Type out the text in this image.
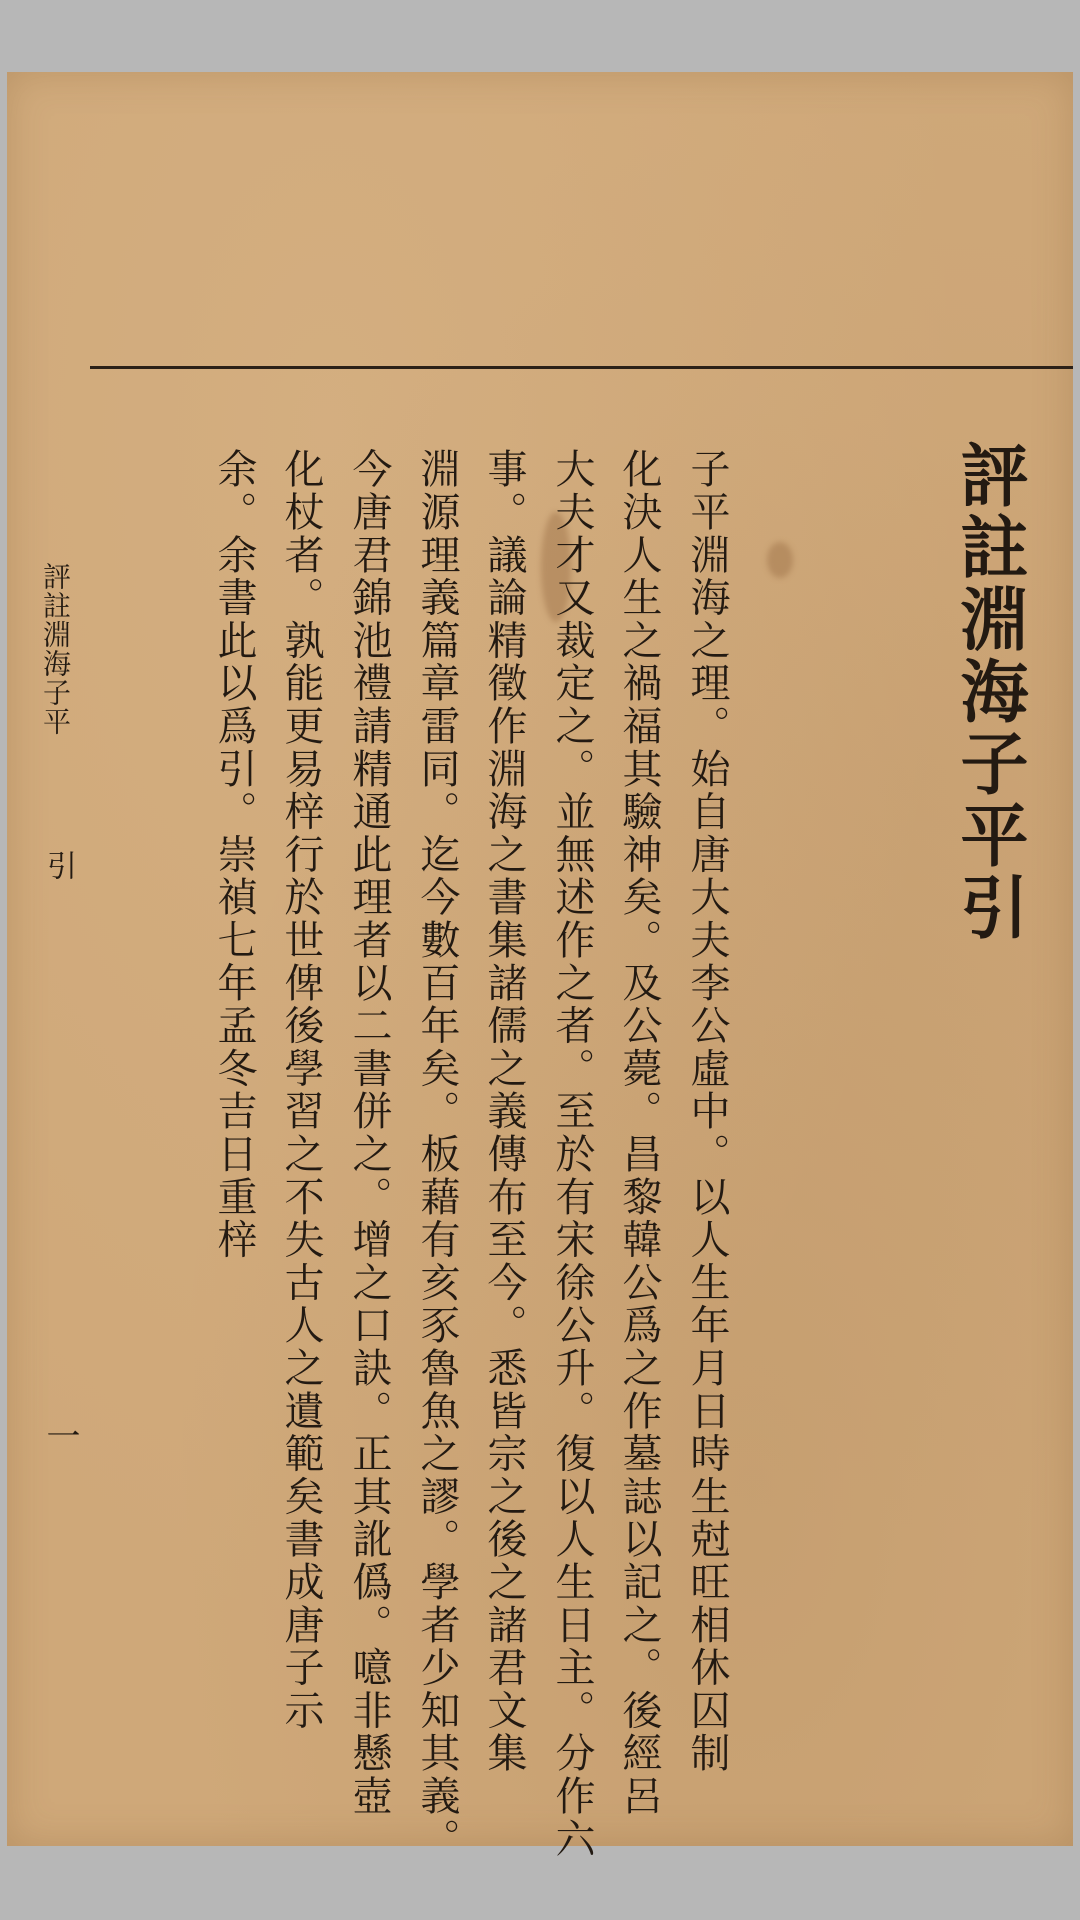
評註淵海子平引
子平淵海之理。始自唐大夫李公虛中。以人生年月日時生尅旺相休囚制
化決人生之禍福其驗神矣。及公薨。昌黎韓公爲之作墓誌以記之。後經呂
大夫才又裁定之。並無述作之者。至於有宋徐公升。復以人生日主。分作六
事。議論精徵作淵海之書集諸儒之義傳布至今。悉皆宗之後之諸君文集
淵源理義篇章雷同。迄今數百年矣。板藉有亥豕魯魚之謬。學者少知其義。
今唐君錦池禮請精通此理者以二書併之。增之口訣。正其訛僞。噫非懸壺
化杖者。孰能更易梓行於世俾後學習之不失古人之遺範矣書成唐子示
余。余書此以爲引。崇禎七年孟冬吉日重梓
評註淵海子平
引
一
